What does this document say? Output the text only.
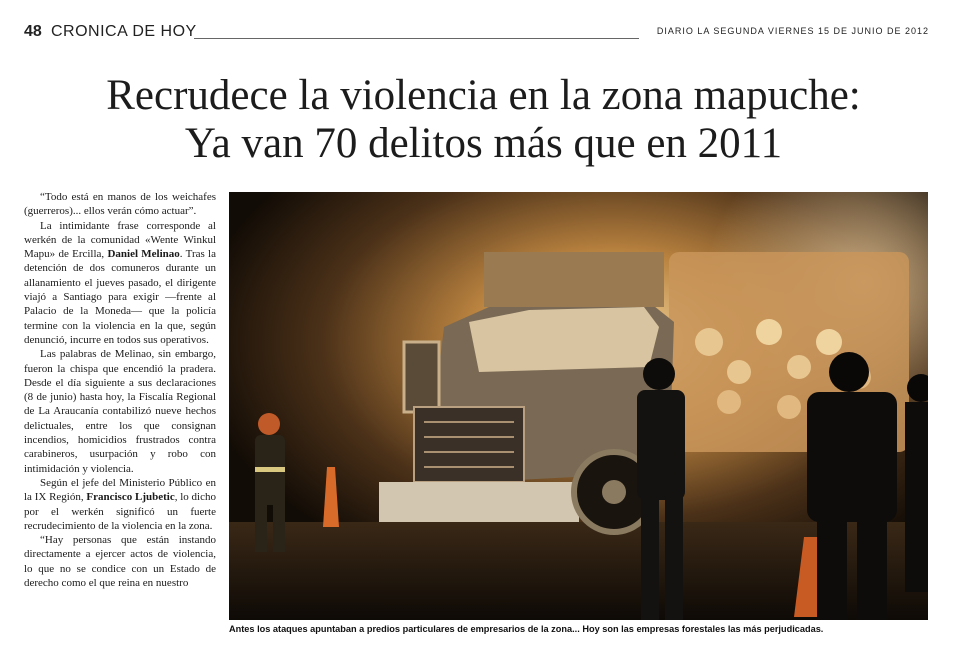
48 CRONICA DE HOY	DIARIO LA SEGUNDA VIERNES 15 DE JUNIO DE 2012
Recrudece la violencia en la zona mapuche:
Ya van 70 delitos más que en 2011

“Todo está en manos de los weichafes (guerreros)... ellos verán cómo actuar”.

La intimidante frase corresponde al werkén de la comunidad «Wente Winkul Mapu» de Ercilla, Daniel Melinao. Tras la detención de dos comuneros durante un allanamiento el jueves pasado, el dirigente viajó a Santiago para exigir —frente al Palacio de la Moneda— que la policía termine con la violencia en la que, según denunció, incurre en todos sus operativos.

Las palabras de Melinao, sin embargo, fueron la chispa que encendió la pradera. Desde el día siguiente a sus declaraciones (8 de junio) hasta hoy, la Fiscalía Regional de La Araucanía contabilizó nueve hechos delictuales, entre los que consignan incendios, homicidios frustrados contra carabineros, usurpación y robo con intimidación y violencia.

Según el jefe del Ministerio Público en la IX Región, Francisco Ljubetic, lo dicho por el werkén significó un fuerte recrudecimiento de la violencia en la zona.

“Hay personas que están instando directamente a ejercer actos de violencia, lo que no se condice con un Estado de derecho como el que reina en nuestro

Antes los ataques apuntaban a predios particulares de empresarios de la zona... Hoy son las empresas forestales las más perjudicadas.
